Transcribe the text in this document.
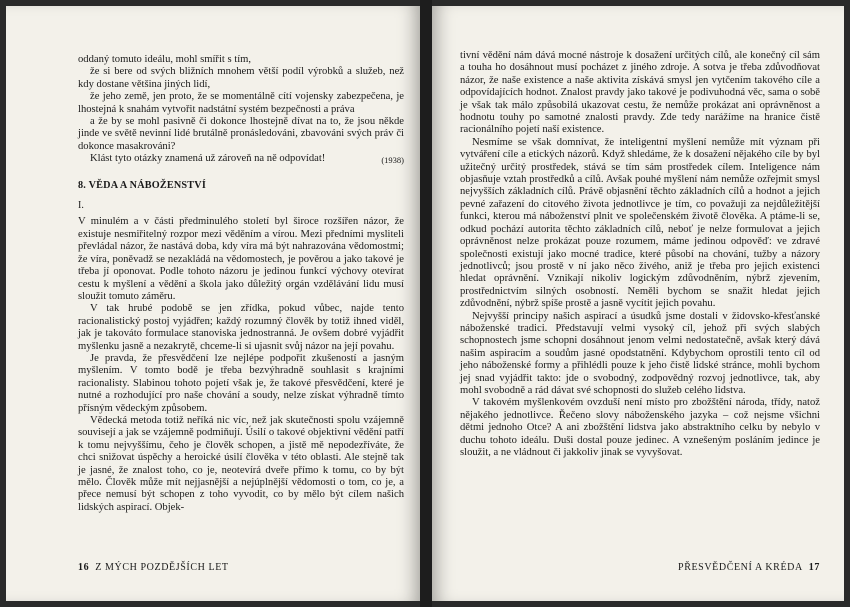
oddaný tomuto ideálu, mohl smířit s tím,

že si bere od svých bližních mnohem větší podíl výrobků a služeb, než kdy dostane většina jiných lidí,

že jeho země, jen proto, že se momentálně cítí vojensky zabezpečena, je lhostejná k snahám vytvořit nadstátní systém bezpečnosti a práva

a že by se mohl pasivně či dokonce lhostejně dívat na to, že jsou někde jinde ve světě nevinní lidé brutálně pronásledováni, zbavováni svých práv či dokonce masakrováni?

(1938)
Klást tyto otázky znamená už zároveň na ně odpovídat!

8. VĚDA A NÁBOŽENSTVÍ
I.

V minulém a v části předminulého století byl široce rozšířen názor, že existuje nesmiřitelný rozpor mezi věděním a vírou. Mezi předními mysliteli převládal názor, že nastává doba, kdy víra má být nahrazována vědomostmi; že víra, poněvadž se nezakládá na vědomostech, je pověrou a jako takové je třeba jí oponovat. Podle tohoto názoru je jedinou funkcí výchovy otevírat cestu k myšlení a vědění a škola jako důležitý orgán vzdělávání lidu musí sloužit tomuto záměru.

V tak hrubé podobě se jen zřídka, pokud vůbec, najde tento racionalistický postoj vyjádřen; každý rozumný člověk by totiž ihned viděl, jak je takováto formulace stanoviska jednostranná. Je ovšem dobré vyjádřit myšlenku jasně a nezakrytě, chceme-li si ujasnit svůj názor na její povahu.

Je pravda, že přesvědčení lze nejlépe podpořit zkušeností a jasným myšlením. V tomto bodě je třeba bezvýhradně souhlasit s krajními racionalisty. Slabinou tohoto pojetí však je, že takové přesvědčení, které je nutné a rozhodující pro naše chování a soudy, nelze získat výhradně tímto přísným vědeckým způsobem.

Vědecká metoda totiž neříká nic víc, než jak skutečnosti spolu vzájemně souvisejí a jak se vzájemně podmiňují. Úsilí o takové objektivní vědění patří k tomu nejvyššímu, čeho je člověk schopen, a jistě mě nepodezříváte, že chci snižovat úspěchy a heroické úsilí člověka v této oblasti. Ale stejně tak je jasné, že znalost toho, co je, neotevírá dveře přímo k tomu, co by být mělo. Člověk může mít nejjasnější a nejúplnější vědomosti o tom, co je, a přece nemusí být schopen z toho vyvodit, co by mělo být cílem našich lidských aspirací. Objek-

16 Z MÝCH POZDĚJŠÍCH LET

tivní vědění nám dává mocné nástroje k dosažení určitých cílů, ale konečný cíl sám a touha ho dosáhnout musí pocházet z jiného zdroje. A sotva je třeba zdůvodňovat názor, že naše existence a naše aktivita získává smysl jen vytčením takového cíle a odpovídajících hodnot. Znalost pravdy jako takové je podivuhodná věc, sama o sobě je však tak málo způsobilá ukazovat cestu, že nemůže prokázat ani oprávněnost a hodnotu touhy po samotné znalosti pravdy. Zde tedy narážíme na hranice čistě racionálního pojetí naší existence.

Nesmíme se však domnívat, že inteligentní myšlení nemůže mít význam při vytváření cíle a etických názorů. Když shledáme, že k dosažení nějakého cíle by byl užitečný určitý prostředek, stává se tím sám prostředek cílem. Inteligence nám objasňuje vztah prostředků a cílů. Avšak pouhé myšlení nám nemůže ozřejmit smysl nejvyšších základních cílů. Právě objasnění těchto základních cílů a hodnot a jejich pevné zařazení do citového života jednotlivce je tím, co považuji za nejdůležitější funkci, kterou má náboženství plnit ve společenském životě člověka. A ptáme-li se, odkud pochází autorita těchto základních cílů, neboť je nelze formulovat a jejich oprávněnost nelze prokázat pouze rozumem, máme jedinou odpověď: ve zdravé společnosti existují jako mocné tradice, které působí na chování, tužby a názory jednotlivců; jsou prostě v ní jako něco živého, aniž je třeba pro jejich existenci hledat oprávnění. Vznikají nikoliv logickým zdůvodněním, nýbrž zjevením, prostřednictvím silných osobností. Neměli bychom se snažit hledat jejich zdůvodnění, nýbrž spíše prostě a jasně vycítit jejich povahu.

Nejvyšší principy našich aspirací a úsudků jsme dostali v židovsko-křesťanské náboženské tradici. Představují velmi vysoký cíl, jehož při svých slabých schopnostech jsme schopni dosáhnout jenom velmi nedostatečně, avšak který dává našim aspiracím a soudům jasné opodstatnění. Kdybychom oprostili tento cíl od jeho náboženské formy a přihlédli pouze k jeho čistě lidské stránce, mohli bychom jej snad vyjádřit takto: jde o svobodný, zodpovědný rozvoj jednotlivce, tak, aby mohl svobodně a rád dávat své schopnosti do služeb celého lidstva.

V takovém myšlenkovém ovzduší není místo pro zbožštění národa, třídy, natož nějakého jednotlivce. Řečeno slovy náboženského jazyka – což nejsme všichni dětmi jednoho Otce? A ani zbožštění lidstva jako abstraktního celku by nebylo v duchu tohoto ideálu. Duši dostal pouze jedinec. A vznešeným posláním jedince je sloužit, a ne vládnout či jakkoliv jinak se vyvyšovat.

PŘESVĚDČENÍ A KRÉDA 17
